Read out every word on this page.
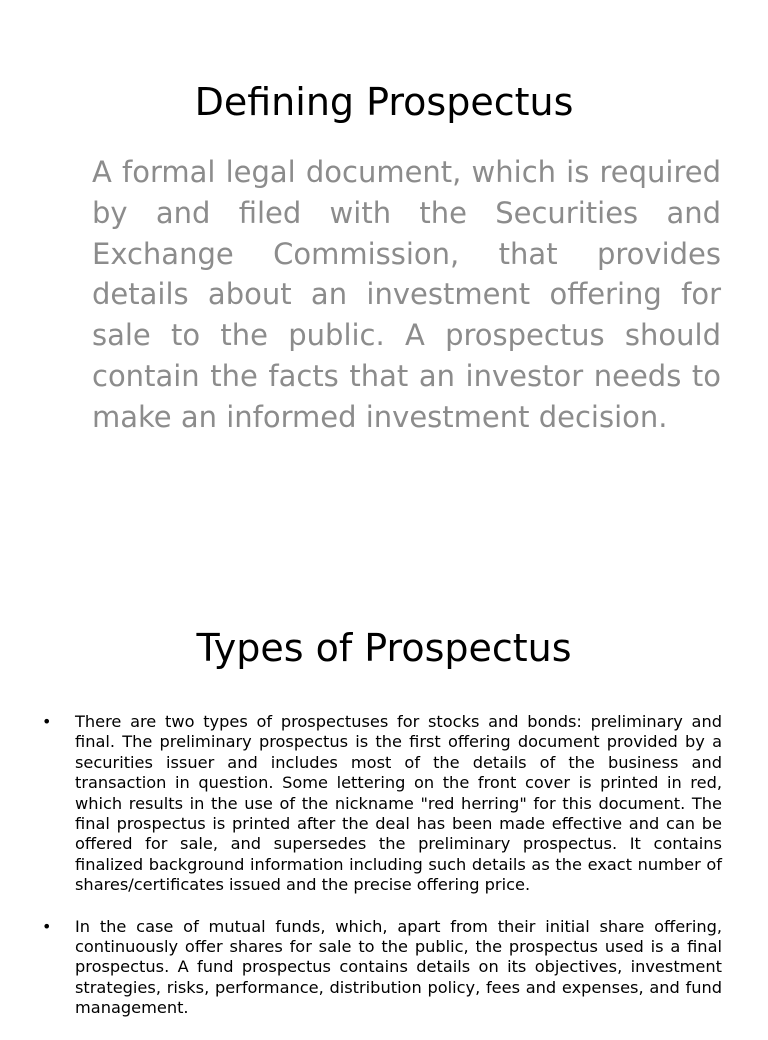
Defining Prospectus

A formal legal document, which is required by and filed with the Securities and Exchange Commission, that provides details about an investment offering for sale to the public. A prospectus should contain the facts that an investor needs to make an informed investment decision.

Types of Prospectus
•	There are two types of prospectuses for stocks and bonds: preliminary and final. The preliminary prospectus is the first offering document provided by a securities issuer and includes most of the details of the business and transaction in question. Some lettering on the front cover is printed in red, which results in the use of the nickname "red herring" for this document. The final prospectus is printed after the deal has been made effective and can be offered for sale, and supersedes the preliminary prospectus. It contains finalized background information including such details as the exact number of shares/certificates issued and the precise offering price.
•	In the case of mutual funds, which, apart from their initial share offering, continuously offer shares for sale to the public, the prospectus used is a final prospectus. A fund prospectus contains details on its objectives, investment strategies, risks, performance, distribution policy, fees and expenses, and fund management.
